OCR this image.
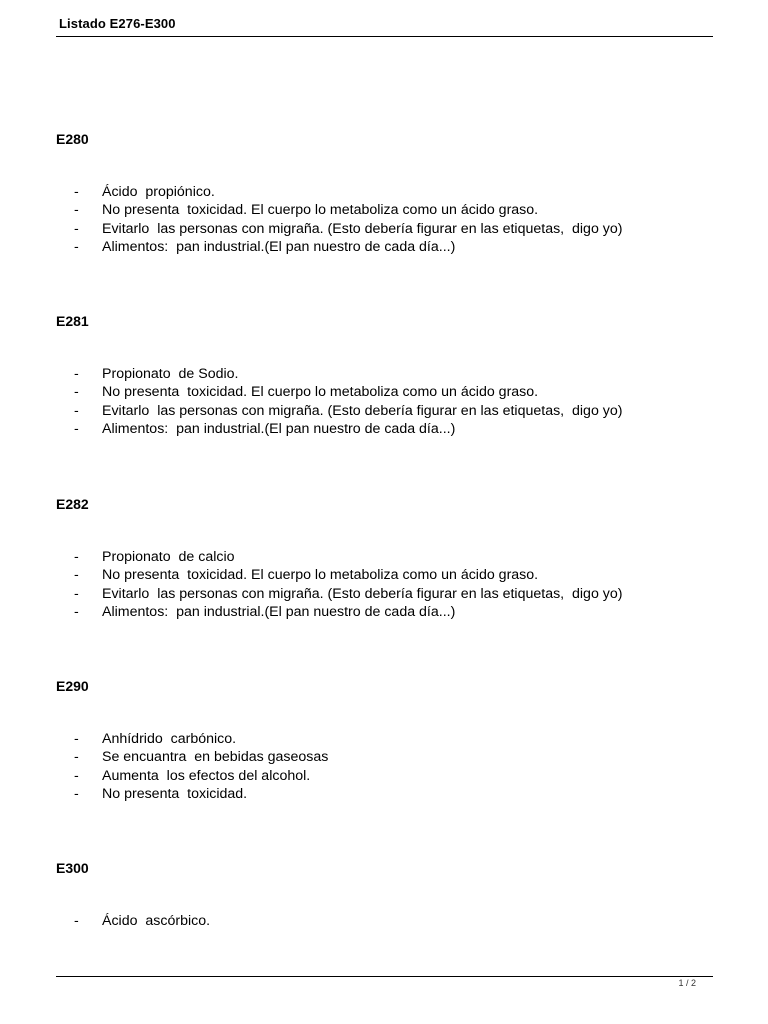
Listado E276-E300
E280
- Ácido  propiónico.
- No presenta  toxicidad. El cuerpo lo metaboliza como un ácido graso.
- Evitarlo  las personas con migraña. (Esto debería figurar en las etiquetas,  digo yo)
- Alimentos:  pan industrial.(El pan nuestro de cada día...)
E281
- Propionato  de Sodio.
- No presenta  toxicidad. El cuerpo lo metaboliza como un ácido graso.
- Evitarlo  las personas con migraña. (Esto debería figurar en las etiquetas,  digo yo)
- Alimentos:  pan industrial.(El pan nuestro de cada día...)
E282
- Propionato  de calcio
- No presenta  toxicidad. El cuerpo lo metaboliza como un ácido graso.
- Evitarlo  las personas con migraña. (Esto debería figurar en las etiquetas,  digo yo)
- Alimentos:  pan industrial.(El pan nuestro de cada día...)
E290
- Anhídrido  carbónico.
- Se encuantra  en bebidas gaseosas
- Aumenta  los efectos del alcohol.
- No presenta  toxicidad.
E300
- Ácido  ascórbico.
1 / 2
